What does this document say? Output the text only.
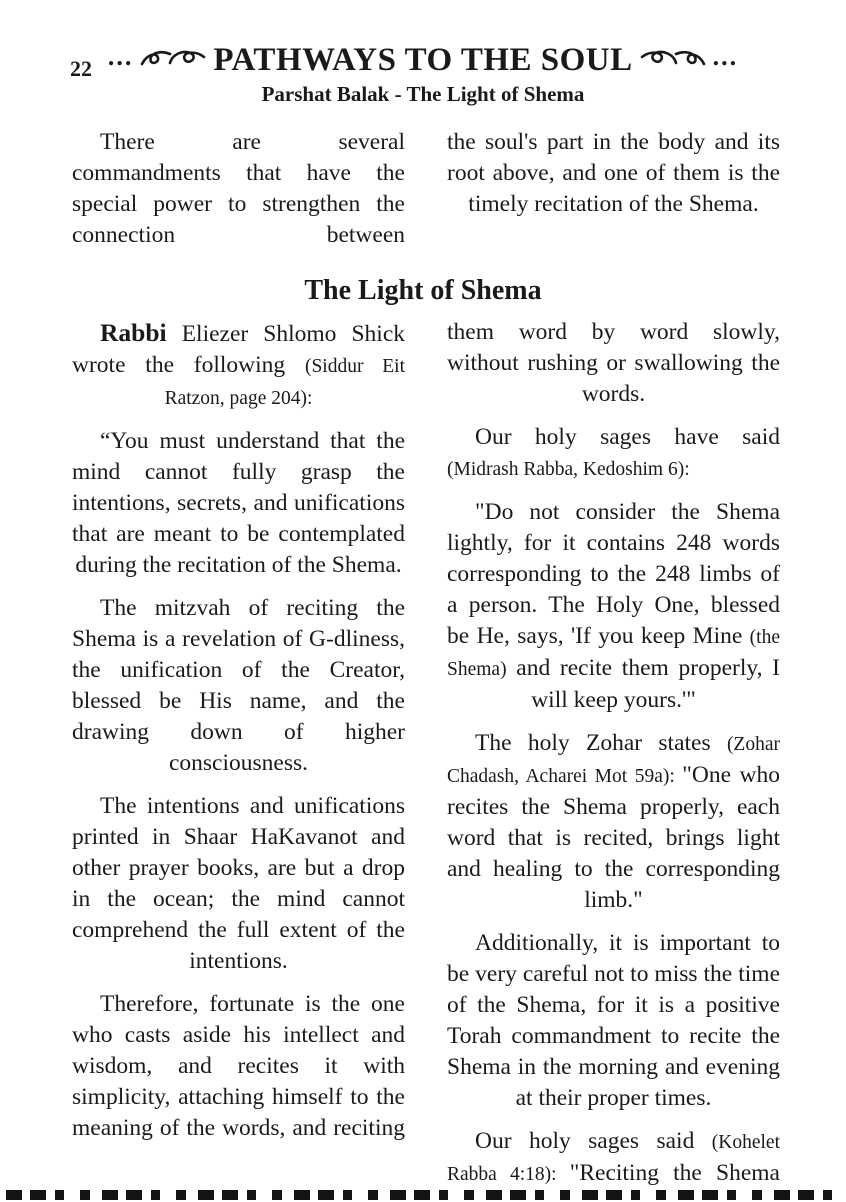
22 ... PATHWAYS TO THE SOUL	...
Parshat Balak - The Light of Shema

There are several commandments that have the special power to strengthen the connection between

the soul's part in the body and its root above, and one of them is the timely recitation of the Shema.

The Light of Shema

Rabbi Eliezer Shlomo Shick wrote the following (Siddur Eit Ratzon, page 204):

“You must understand that the mind cannot fully grasp the intentions, secrets, and unifications that are meant to be contemplated during the recitation of the Shema.

The mitzvah of reciting the Shema is a revelation of G-dliness, the unification of the Creator, blessed be His name, and the drawing down of higher consciousness.

The intentions and unifications printed in Shaar HaKavanot and other prayer books, are but a drop in the ocean; the mind cannot comprehend the full extent of the intentions.

Therefore, fortunate is the one who casts aside his intellect and wisdom, and recites it with simplicity, attaching himself to the meaning of the words, and reciting

them word by word slowly, without rushing or swallowing the words.

Our holy sages have said (Midrash Rabba, Kedoshim 6):

"Do not consider the Shema lightly, for it contains 248 words corresponding to the 248 limbs of a person. The Holy One, blessed be He, says, 'If you keep Mine (the Shema) and recite them properly, I will keep yours.'"

The holy Zohar states (Zohar Chadash, Acharei Mot 59a): "One who recites the Shema properly, each word that is recited, brings light and healing to the corresponding limb."

Additionally, it is important to be very careful not to miss the time of the Shema, for it is a positive Torah commandment to recite the Shema in the morning and evening at their proper times.

Our holy sages said (Kohelet Rabba 4:18): "Reciting the Shema
